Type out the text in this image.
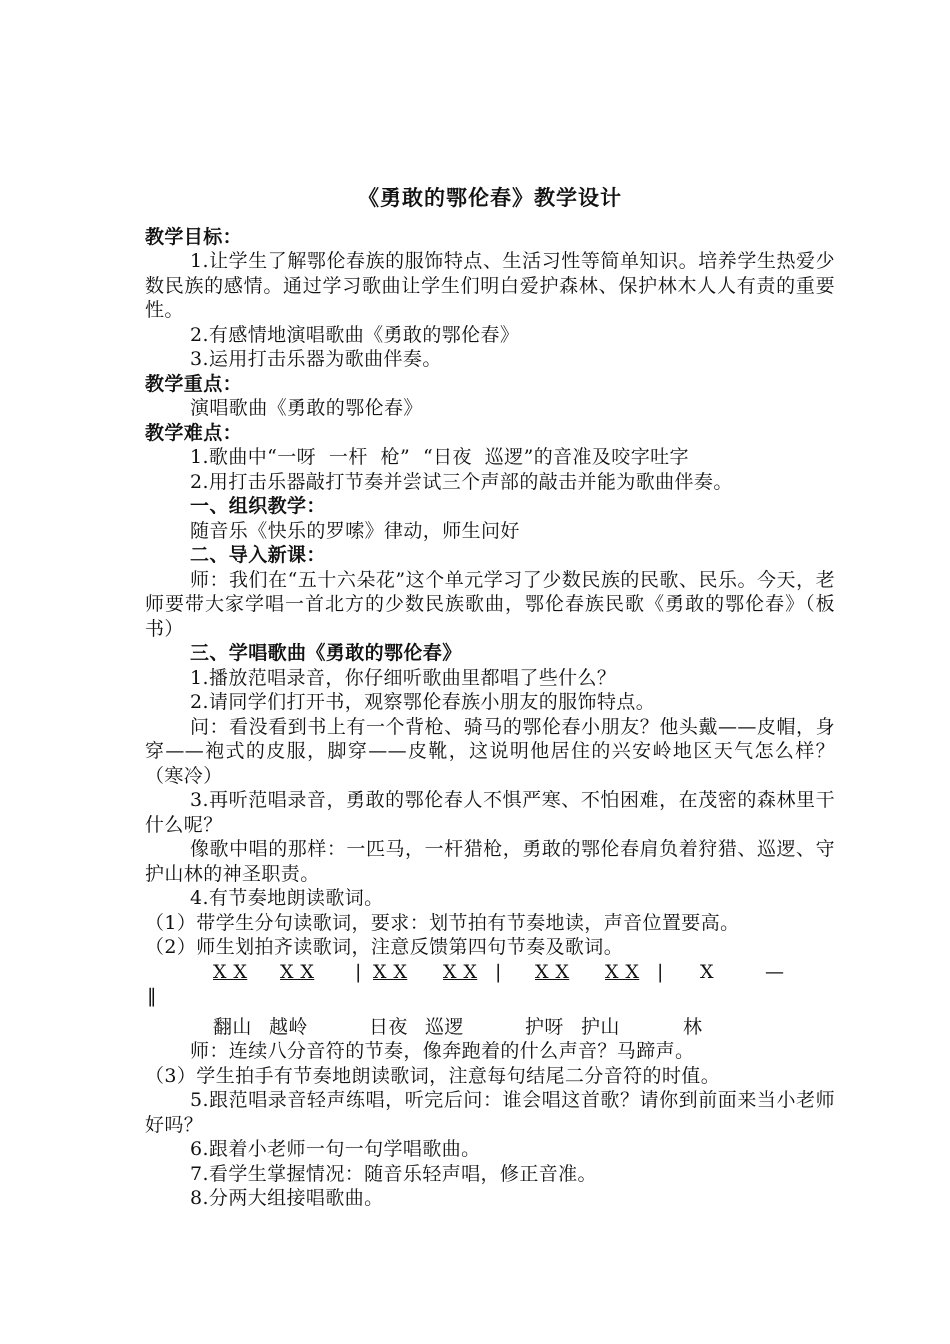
《勇敢的鄂伦春》教学设计
教学目标：
1.让学生了解鄂伦春族的服饰特点、生活习性等简单知识。培养学生热爱少数民族的感情。通过学习歌曲让学生们明白爱护森林、保护林木人人有责的重要性。
2.有感情地演唱歌曲《勇敢的鄂伦春》
3.运用打击乐器为歌曲伴奏。
教学重点：
演唱歌曲《勇敢的鄂伦春》
教学难点：
1.歌曲中“一呀  一杆  枪”  “日夜  巡逻”的音准及咬字吐字
2.用打击乐器敲打节奏并尝试三个声部的敲击并能为歌曲伴奏。
一、组织教学：
随音乐《快乐的罗嗦》律动，师生问好
二、导入新课：
师：我们在“五十六朵花”这个单元学习了少数民族的民歌、民乐。今天，老师要带大家学唱一首北方的少数民族歌曲，鄂伦春族民歌《勇敢的鄂伦春》（板书）
三、学唱歌曲《勇敢的鄂伦春》
1.播放范唱录音，你仔细听歌曲里都唱了些什么？
2.请同学们打开书，观察鄂伦春族小朋友的服饰特点。
问：看没看到书上有一个背枪、骑马的鄂伦春小朋友？他头戴——皮帽，身穿——袍式的皮服，脚穿——皮靴，这说明他居住的兴安岭地区天气怎么样？（寒冷）
3.再听范唱录音，勇敢的鄂伦春人不惧严寒、不怕困难，在茂密的森林里干什么呢？
像歌中唱的那样：一匹马，一杆猎枪，勇敢的鄂伦春肩负着狩猎、巡逻、守护山林的神圣职责。
4.有节奏地朗读歌词。
（1）带学生分句读歌词，要求：划节拍有节奏地读，声音位置要高。
（2）师生划拍齐读歌词，注意反馈第四句节奏及歌词。
X X X X | X X X X | X X X X | X	—
‖
翻山 越岭	日夜 巡逻	护呀 护山	林
师：连续八分音符的节奏，像奔跑着的什么声音？马蹄声。
（3）学生拍手有节奏地朗读歌词，注意每句结尾二分音符的时值。
5.跟范唱录音轻声练唱，听完后问：谁会唱这首歌？请你到前面来当小老师好吗？
6.跟着小老师一句一句学唱歌曲。
7.看学生掌握情况：随音乐轻声唱，修正音准。
8.分两大组接唱歌曲。
